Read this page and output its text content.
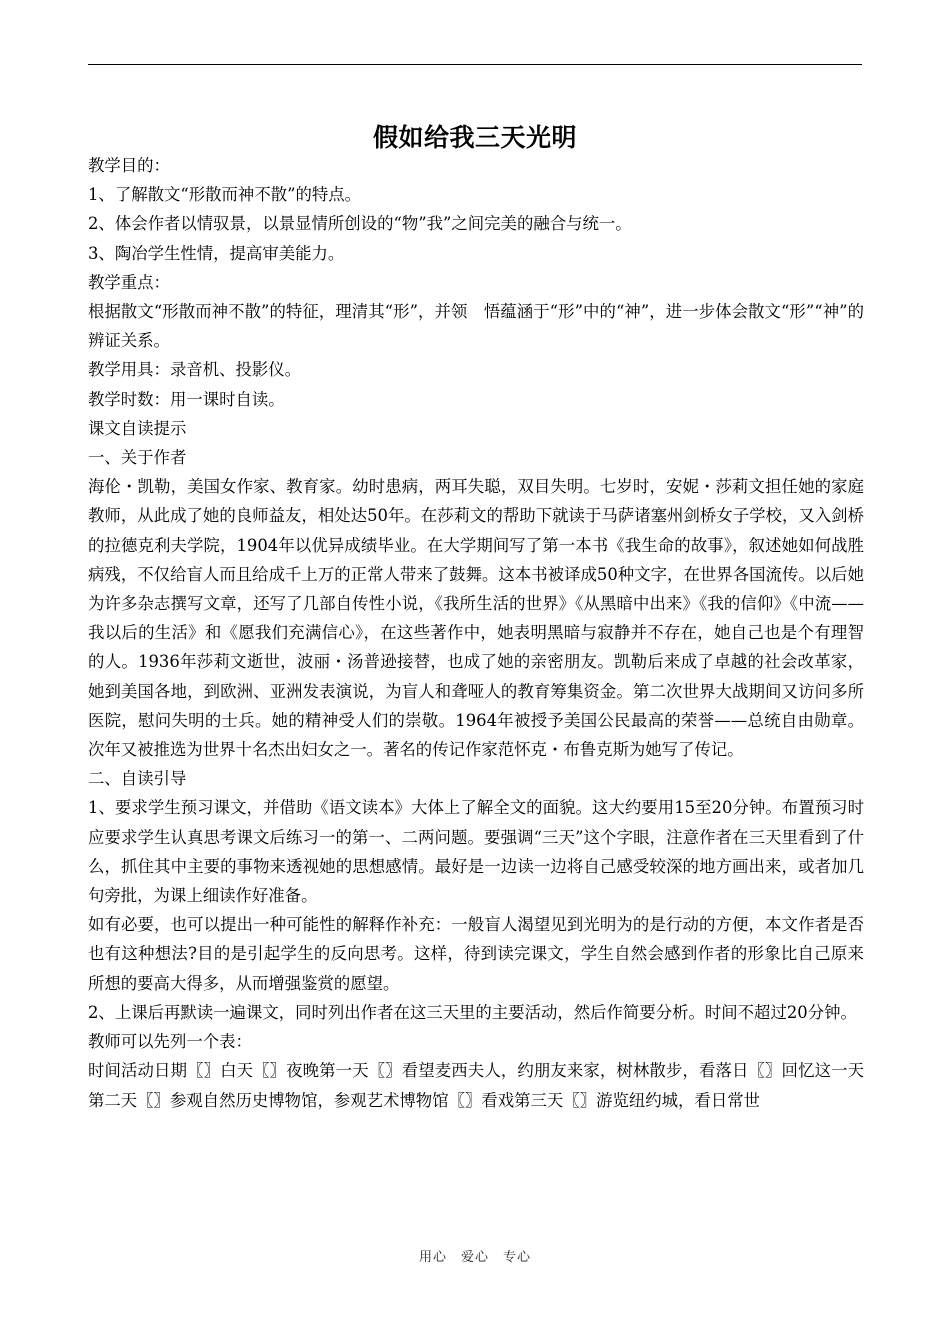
假如给我三天光明

教学目的：

1、了解散文“形散而神不散”的特点。

2、体会作者以情驭景，以景显情所创设的“物”我”之间完美的融合与统一。

3、陶冶学生性情，提高审美能力。

教学重点：

根据散文“形散而神不散”的特征，理清其“形”，并领　悟蕴涵于“形”中的“神”，进一步体会散文“形”“神”的辨证关系。

教学用具：录音机、投影仪。

教学时数：用一课时自读。

课文自读提示

一、关于作者

海伦・凯勒，美国女作家、教育家。幼时患病，两耳失聪，双目失明。七岁时，安妮・莎莉文担任她的家庭教师，从此成了她的良师益友，相处达50年。在莎莉文的帮助下就读于马萨诸塞州剑桥女子学校，又入剑桥的拉德克利夫学院，1904年以优异成绩毕业。在大学期间写了第一本书《我生命的故事》，叙述她如何战胜病残，不仅给盲人而且给成千上万的正常人带来了鼓舞。这本书被译成50种文字，在世界各国流传。以后她为许多杂志撰写文章，还写了几部自传性小说，《我所生活的世界》《从黑暗中出来》《我的信仰》《中流——我以后的生活》和《愿我们充满信心》，在这些著作中，她表明黑暗与寂静并不存在，她自己也是个有理智的人。1936年莎莉文逝世，波丽・汤普逊接替，也成了她的亲密朋友。凯勒后来成了卓越的社会改革家，她到美国各地，到欧洲、亚洲发表演说，为盲人和聋哑人的教育筹集资金。第二次世界大战期间又访问多所医院，慰问失明的士兵。她的精神受人们的崇敬。1964年被授予美国公民最高的荣誉——总统自由勋章。次年又被推选为世界十名杰出妇女之一。著名的传记作家范怀克・布鲁克斯为她写了传记。

二、自读引导

1、要求学生预习课文，并借助《语文读本》大体上了解全文的面貌。这大约要用15至20分钟。布置预习时应要求学生认真思考课文后练习一的第一、二两问题。要强调“三天”这个字眼，注意作者在三天里看到了什么，抓住其中主要的事物来透视她的思想感情。最好是一边读一边将自己感受较深的地方画出来，或者加几句旁批，为课上细读作好准备。

如有必要，也可以提出一种可能性的解释作补充：一般盲人渴望见到光明为的是行动的方便，本文作者是否也有这种想法?目的是引起学生的反向思考。这样，待到读完课文，学生自然会感到作者的形象比自己原来所想的要高大得多，从而增强鉴赏的愿望。

2、上课后再默读一遍课文，同时列出作者在这三天里的主要活动，然后作简要分析。时间不超过20分钟。

教师可以先列一个表：

时间活动日期〖〗白天〖〗夜晚第一天〖〗看望麦西夫人，约朋友来家，树林散步，看落日〖〗回忆这一天第二天〖〗参观自然历史博物馆，参观艺术博物馆〖〗看戏第三天〖〗游览纽约城，看日常世

用心　爱心　专心
